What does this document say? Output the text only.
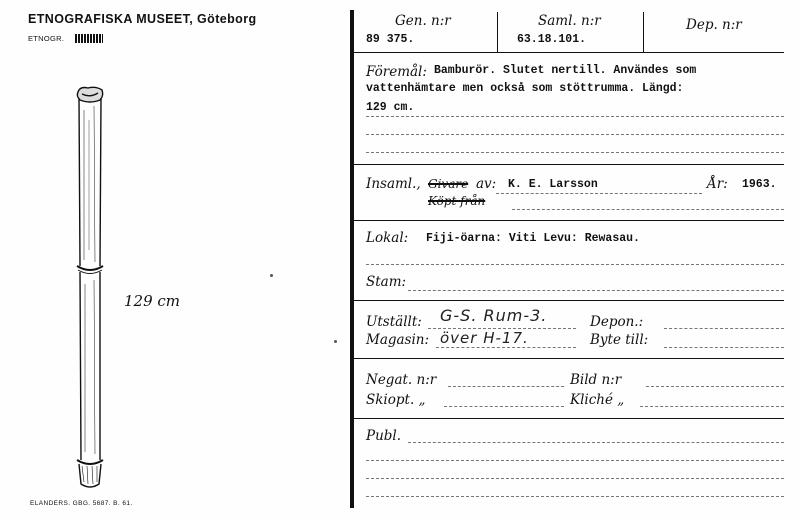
ETNOGRAFISKA MUSEET, Göteborg
ETNOGR.
129 cm
ELANDERS. GBG. 5687. B. 61.
Gen. n:r
89 375.
Saml. n:r
63.18.101.
Dep. n:r
Föremål: Bamburör. Slutet nertill. Användes som
vattenhämtare men också som stöttrumma. Längd:
129 cm.
Insaml., Givare av: K. E. Larsson	År: 1963.
Köpt från
Lokal: Fiji-öarna: Viti Levu: Rewasau.
Stam:
Utställt: G-S. Rum-3.	Depon.:
Magasin: över H-17.	Byte till:
Negat. n:r	Bild n:r
Skiopt. „	Kliché „
Publ.
